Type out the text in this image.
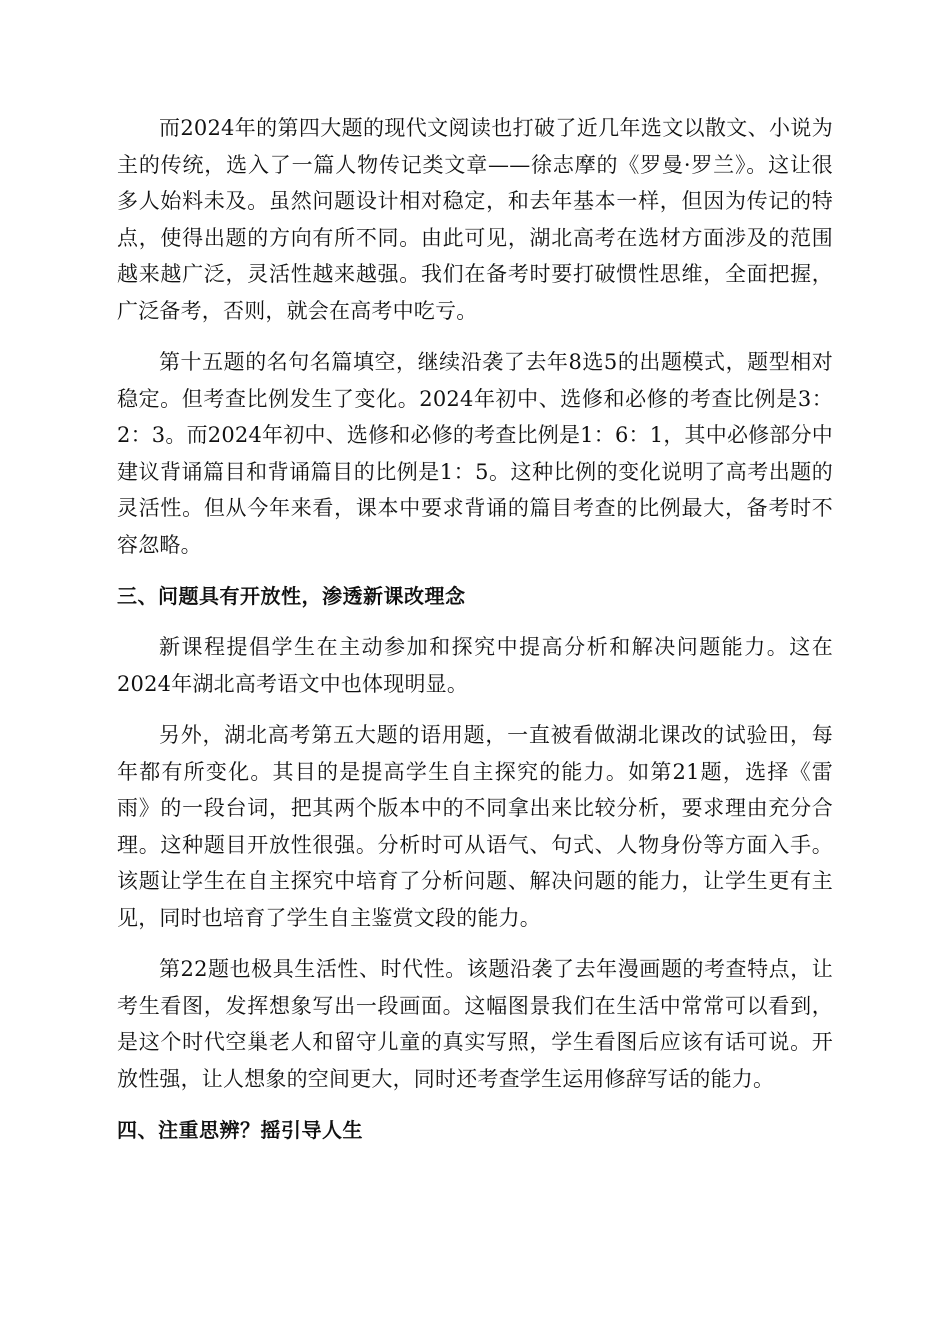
而2024年的第四大题的现代文阅读也打破了近几年选文以散文、小说为主的传统，选入了一篇人物传记类文章——徐志摩的《罗曼·罗兰》。这让很多人始料未及。虽然问题设计相对稳定，和去年基本一样，但因为传记的特点，使得出题的方向有所不同。由此可见，湖北高考在选材方面涉及的范围越来越广泛，灵活性越来越强。我们在备考时要打破惯性思维，全面把握，广泛备考，否则，就会在高考中吃亏。

第十五题的名句名篇填空，继续沿袭了去年8选5的出题模式，题型相对稳定。但考查比例发生了变化。2024年初中、选修和必修的考查比例是3：2：3。而2024年初中、选修和必修的考查比例是1：6：1，其中必修部分中建议背诵篇目和背诵篇目的比例是1：5。这种比例的变化说明了高考出题的灵活性。但从今年来看，课本中要求背诵的篇目考查的比例最大，备考时不容忽略。

三、问题具有开放性，渗透新课改理念

新课程提倡学生在主动参加和探究中提高分析和解决问题能力。这在2024年湖北高考语文中也体现明显。

另外，湖北高考第五大题的语用题，一直被看做湖北课改的试验田，每年都有所变化。其目的是提高学生自主探究的能力。如第21题，选择《雷雨》的一段台词，把其两个版本中的不同拿出来比较分析，要求理由充分合理。这种题目开放性很强。分析时可从语气、句式、人物身份等方面入手。该题让学生在自主探究中培育了分析问题、解决问题的能力，让学生更有主见，同时也培育了学生自主鉴赏文段的能力。

第22题也极具生活性、时代性。该题沿袭了去年漫画题的考查特点，让考生看图，发挥想象写出一段画面。这幅图景我们在生活中常常可以看到，是这个时代空巢老人和留守儿童的真实写照，学生看图后应该有话可说。开放性强，让人想象的空间更大，同时还考查学生运用修辞写话的能力。

四、注重思辨？摇引导人生
